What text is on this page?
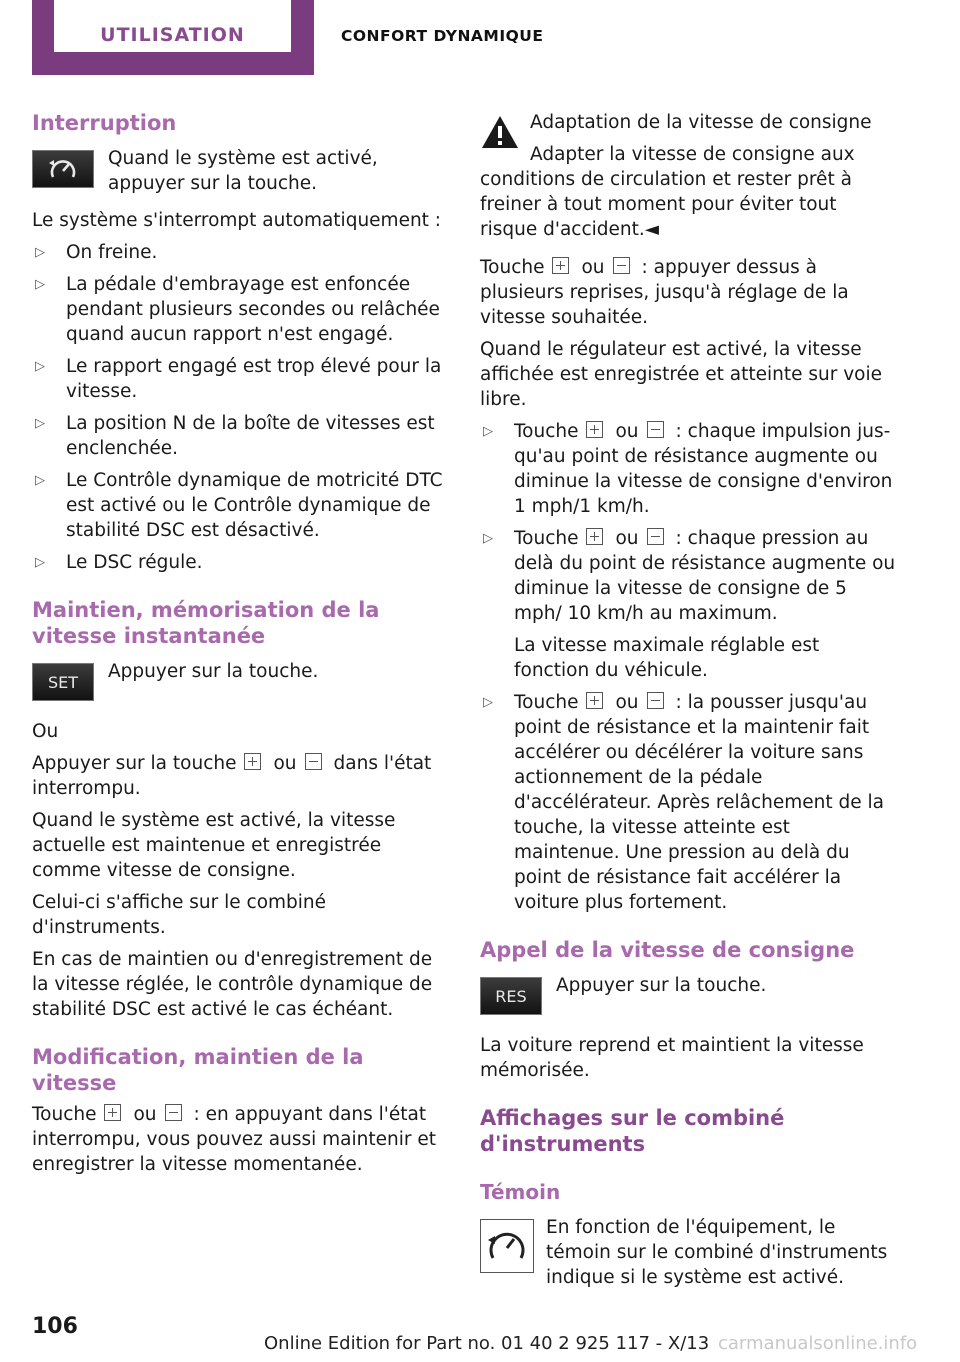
UTILISATION	CONFORT DYNAMIQUE
Interruption
Quand le système est activé, appuyer sur la touche.

Le système s'interrompt automatiquement :

▷ On freine.
▷ La pédale d'embrayage est enfoncée pendant plusieurs secondes ou relâchée quand aucun rapport n'est engagé.
▷ Le rapport engagé est trop élevé pour la vitesse.
▷ La position N de la boîte de vitesses est enclenchée.
▷ Le Contrôle dynamique de motricité DTC est activé ou le Contrôle dynamique de stabilité DSC est désactivé.
▷ Le DSC régule.
Maintien, mémorisation de la vitesse instantanée
SET	Appuyer sur la touche.

Ou

Appuyer sur la touche ou dans l'état interrompu.

Quand le système est activé, la vitesse actuelle est maintenue et enregistrée comme vitesse de consigne.

Celui-ci s'affiche sur le combiné d'instruments.

En cas de maintien ou d'enregistrement de la vitesse réglée, le contrôle dynamique de stabilité DSC est activé le cas échéant.

Modification, maintien de la vitesse

Touche ou : en appuyant dans l'état interrompu, vous pouvez aussi maintenir et enregistrer la vitesse momentanée.

Adaptation de la vitesse de consigne
Adapter la vitesse de consigne aux conditions de circulation et rester prêt à freiner à tout moment pour éviter tout risque d'accident.◄

Touche ou : appuyer dessus à plusieurs reprises, jusqu'à réglage de la vitesse souhaitée.

Quand le régulateur est activé, la vitesse affichée est enregistrée et atteinte sur voie libre.

▷ Touche ou : chaque impulsion jusqu'au point de résistance augmente ou diminue la vitesse de consigne d'environ 1 mph/1 km/h.
▷ Touche ou : chaque pression au delà du point de résistance augmente ou diminue la vitesse de consigne de 5 mph/ 10 km/h au maximum.
La vitesse maximale réglable est fonction du véhicule.
▷ Touche ou : la pousser jusqu'au point de résistance et la maintenir fait accélérer ou décélérer la voiture sans actionnement de la pédale d'accélérateur. Après relâchement de la touche, la vitesse atteinte est maintenue. Une pression au delà du point de résistance fait accélérer la voiture plus fortement.
Appel de la vitesse de consigne
RES	Appuyer sur la touche.

La voiture reprend et maintient la vitesse mémorisée.

Affichages sur le combiné d'instruments
Témoin
En fonction de l'équipement, le témoin sur le combiné d'instruments indique si le système est activé.
106
Online Edition for Part no. 01 40 2 925 117 - X/13 carmanualsonline.info
